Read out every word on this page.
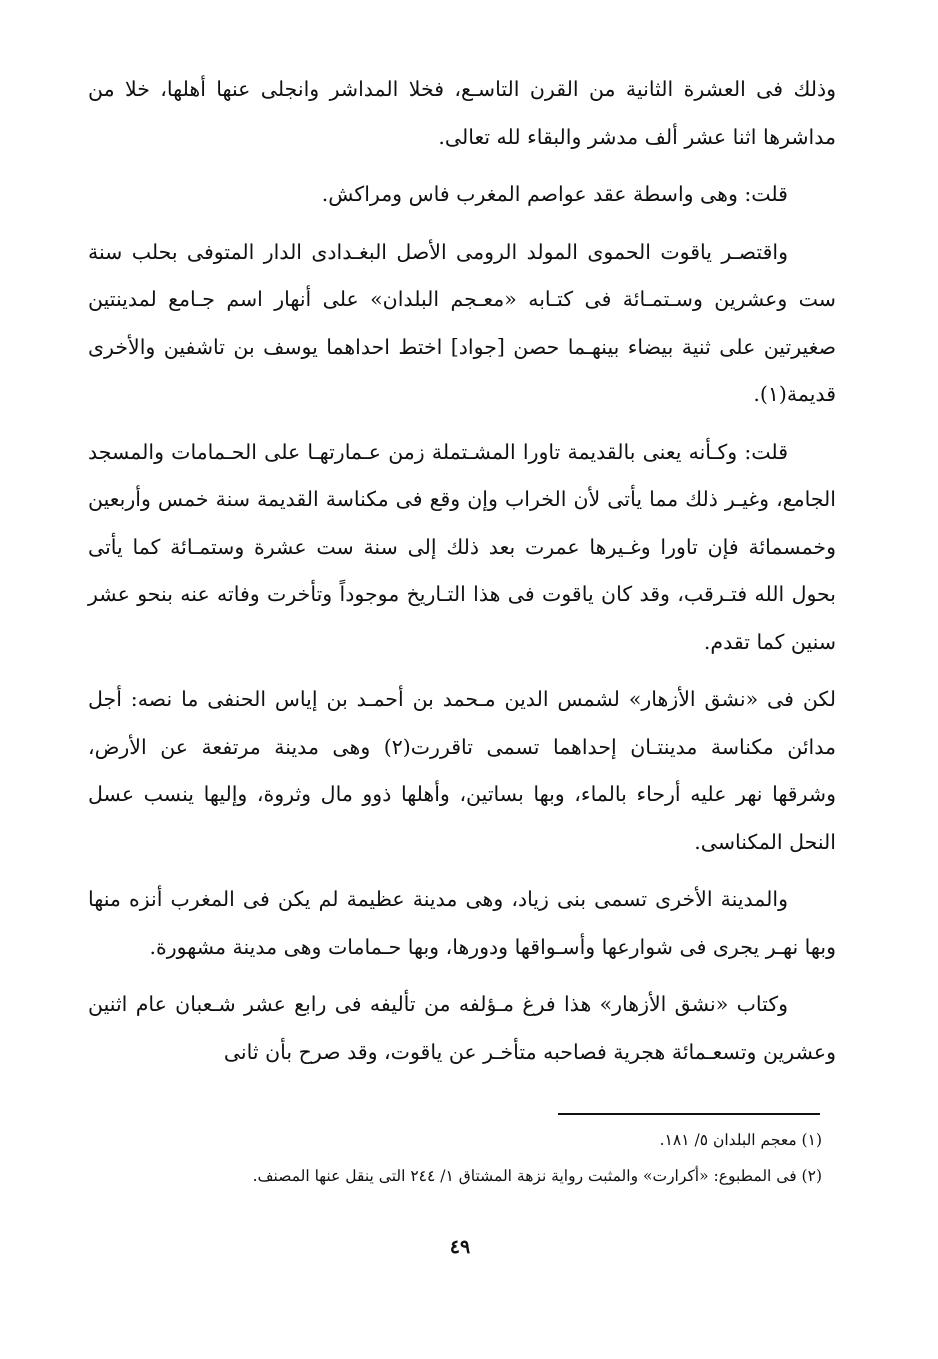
وذلك فى العشرة الثانية من القرن التاسـع، فخلا المداشر وانجلى عنها أهلها، خلا من مداشرها اثنا عشر ألف مدشر والبقاء لله تعالى.

قلت: وهى واسطة عقد عواصم المغرب فاس ومراكش.

واقتصـر ياقوت الحموى المولد الرومى الأصل البغـدادى الدار المتوفى بحلب سنة ست وعشرين وسـتمـائة فى كتـابه «معـجم البلدان» على أنهار اسم جـامع لمدينتين صغيرتين على ثنية بيضاء بينهـما حصن [جواد] اختط احداهما يوسف بن تاشفين والأخرى قديمة(١).

قلت: وكـأنه يعنى بالقديمة تاورا المشـتملة زمن عـمارتهـا على الحـمامات والمسجد الجامع، وغيـر ذلك مما يأتى لأن الخراب وإن وقع فى مكناسة القديمة سنة خمس وأربعين وخمسمائة فإن تاورا وغـيرها عمرت بعد ذلك إلى سنة ست عشرة وستمـائة كما يأتى بحول الله فتـرقب، وقد كان ياقوت فى هذا التـاريخ موجوداً وتأخرت وفاته عنه بنحو عشر سنين كما تقدم.

لكن فى «نشق الأزهار» لشمس الدين مـحمد بن أحمـد بن إياس الحنفى ما نصه: أجل مدائن مكناسة مدينتـان إحداهما تسمى تاقررت(٢) وهى مدينة مرتفعة عن الأرض، وشرقها نهر عليه أرحاء بالماء، وبها بساتين، وأهلها ذوو مال وثروة، وإليها ينسب عسل النحل المكناسى.

والمدينة الأخرى تسمى بنى زياد، وهى مدينة عظيمة لم يكن فى المغرب أنزه منها وبها نهـر يجرى فى شوارعها وأسـواقها ودورها، وبها حـمامات وهى مدينة مشهورة.

وكتاب «نشق الأزهار» هذا فرغ مـؤلفه من تأليفه فى رابع عشر شـعبان عام اثنين وعشرين وتسعـمائة هجرية فصاحبه متأخـر عن ياقوت، وقد صرح بأن ثانى

(١) معجم البلدان ٥/ ١٨١.
(٢) فى المطبوع: «أكرارت» والمثبت رواية نزهة المشتاق ١/ ٢٤٤ التى ينقل عنها المصنف.
٤٩
